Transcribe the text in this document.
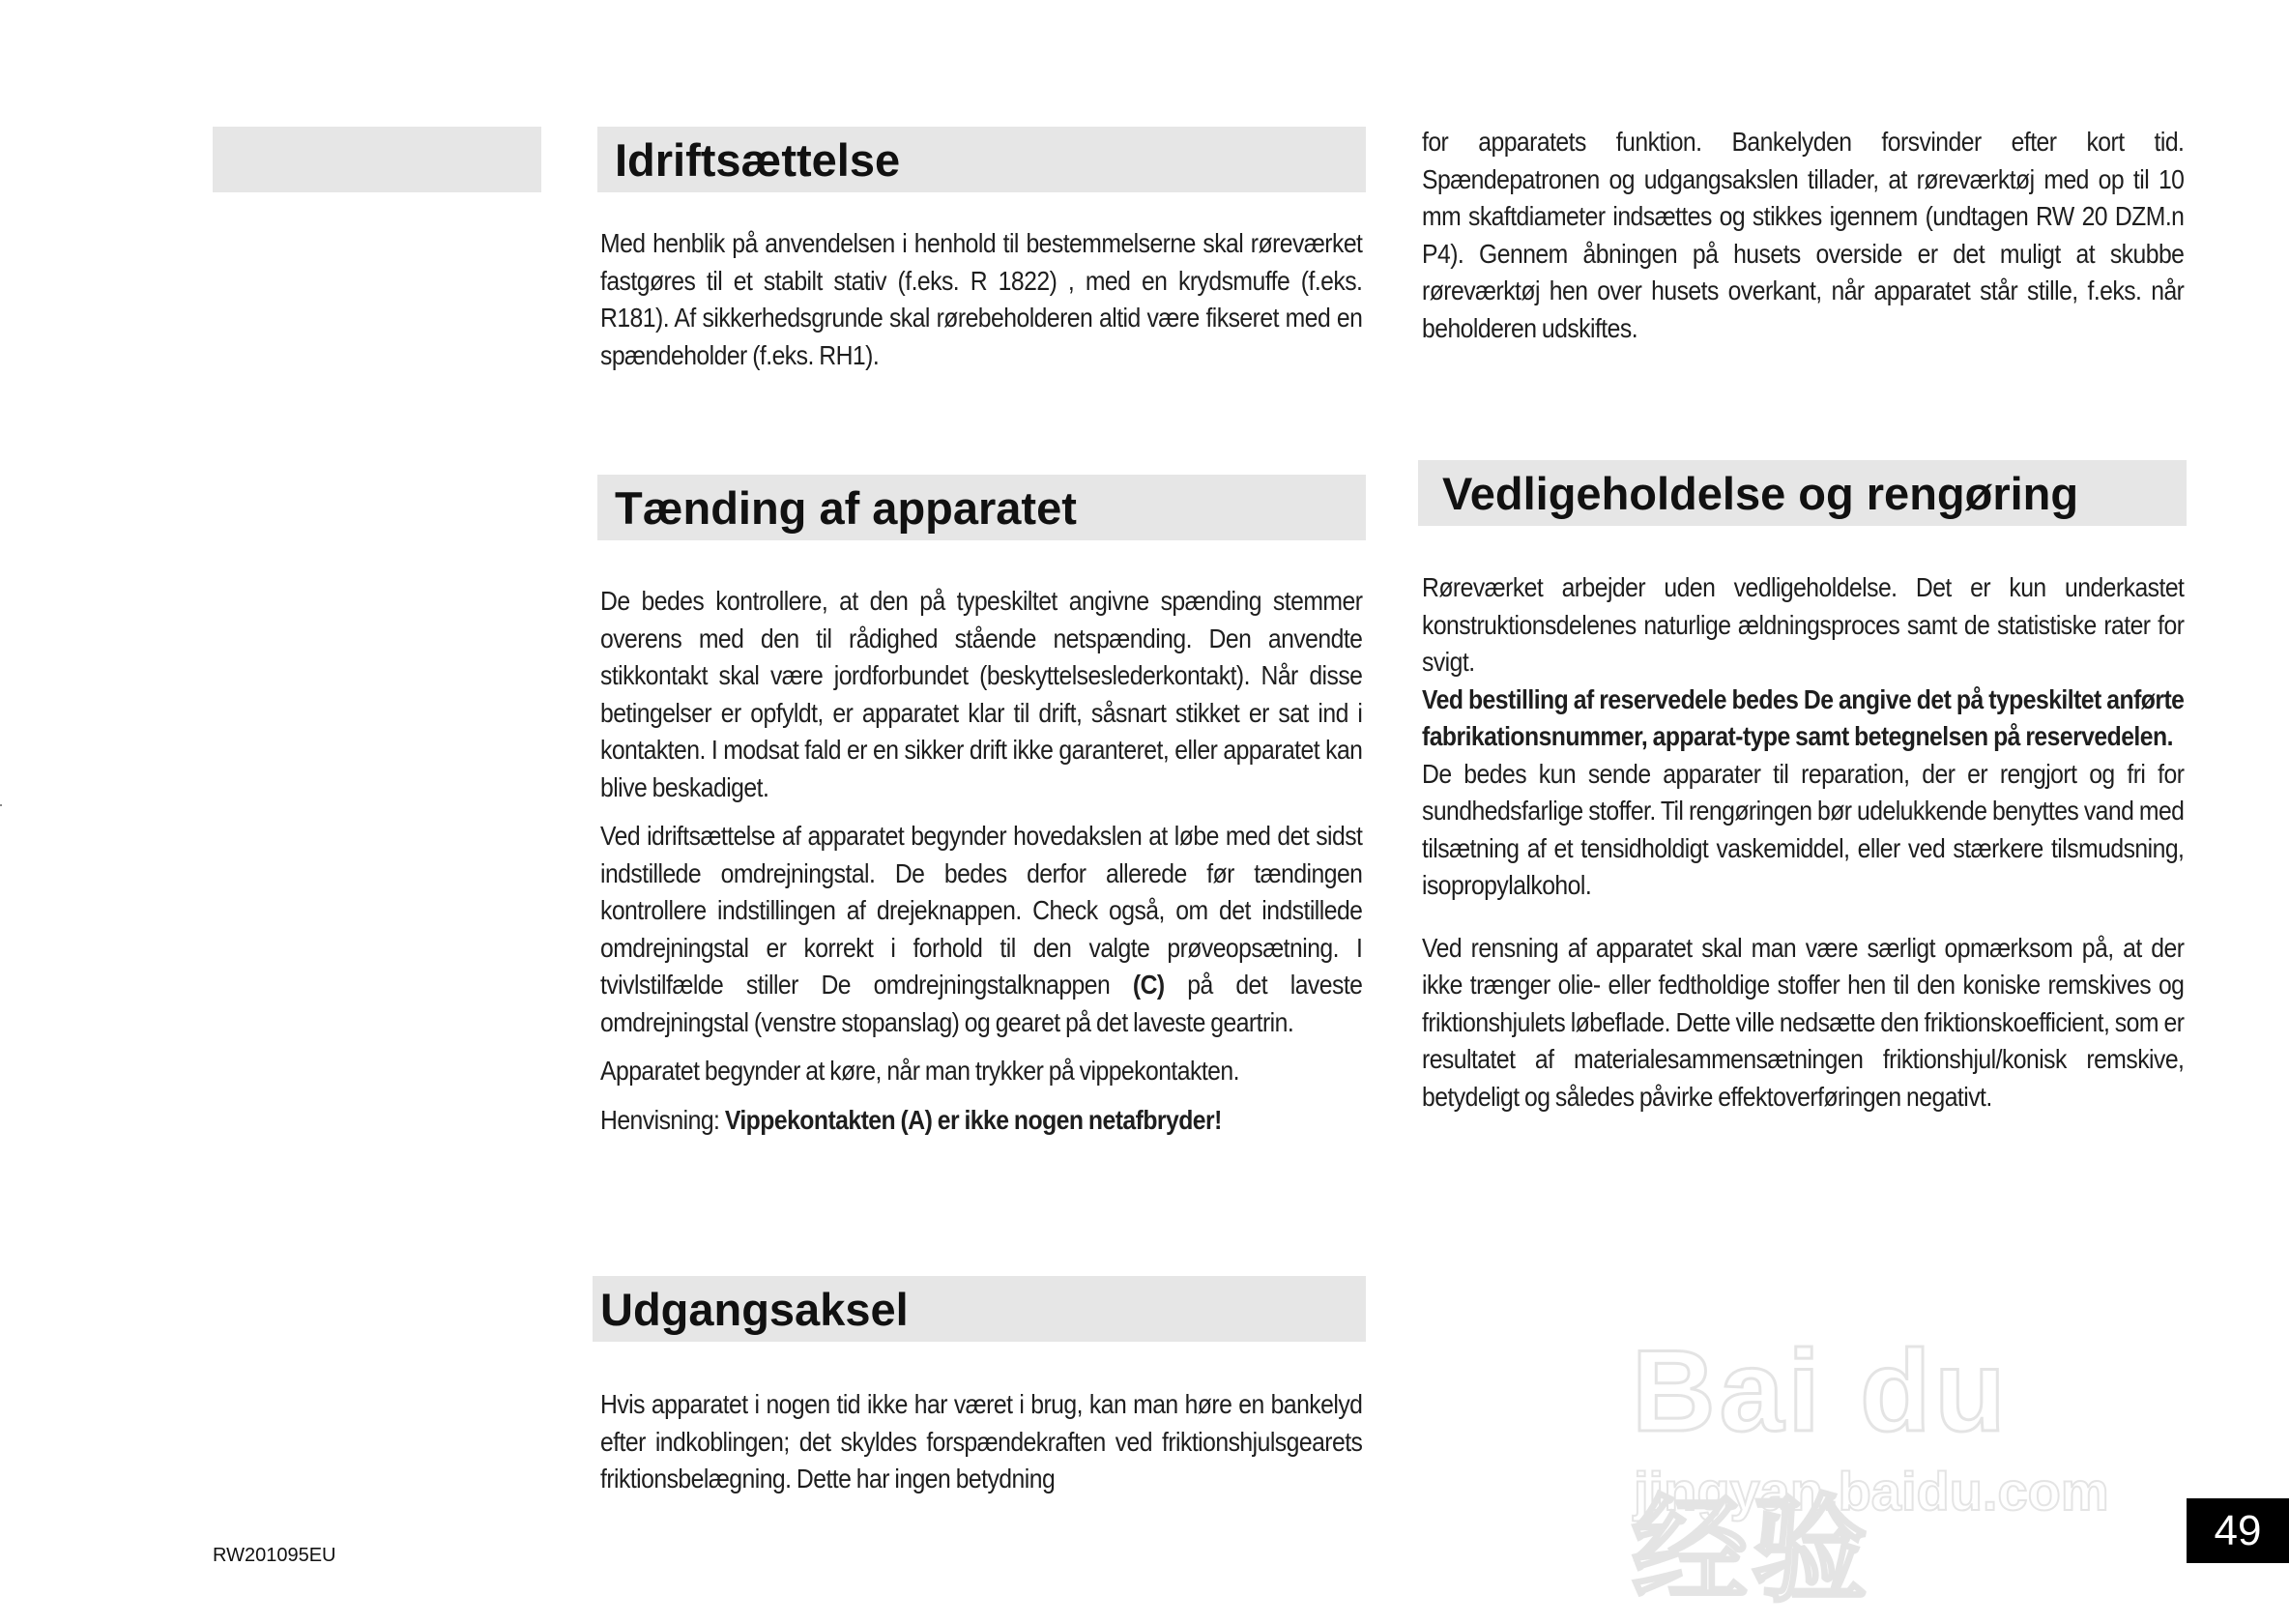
Idriftsættelse

Med henblik på anvendelsen i henhold til bestemmelserne skal røreværket fastgøres til et stabilt stativ (f.eks. R 1822) , med en krydsmuffe (f.eks. R181). Af sikkerhedsgrunde skal rørebeholderen altid være fikseret med en spændeholder (f.eks. RH1).

Tænding af apparatet

De bedes kontrollere, at den på typeskiltet angivne spænding stemmer overens med den til rådighed stående netspænding. Den anvendte stikkontakt skal være jordforbundet (beskyttelseslederkontakt). Når disse betingelser er opfyldt, er apparatet klar til drift, såsnart stikket er sat ind i kontakten. I modsat fald er en sikker drift ikke garanteret, eller apparatet kan blive beskadiget.

Ved idriftsættelse af apparatet begynder hovedakslen at løbe med det sidst indstillede omdrejningstal. De bedes derfor allerede før tændingen kontrollere indstillingen af drejeknappen. Check også, om det indstillede omdrejningstal er korrekt i forhold til den valgte prøveopsætning. I tvivlstilfælde stiller De omdrejningstalknappen (C) på det laveste omdrejningstal (venstre stopanslag) og gearet på det laveste geartrin.

Apparatet begynder at køre, når man trykker på vippekontakten.

Henvisning: Vippekontakten (A) er ikke nogen netafbryder!

Udgangsaksel

Hvis apparatet i nogen tid ikke har været i brug, kan man høre en bankelyd efter indkoblingen; det skyldes forspændekraften ved friktionshjulsgearets friktionsbelægning. Dette har ingen betydning

for apparatets funktion. Bankelyden forsvinder efter kort tid. Spændepatronen og udgangsakslen tillader, at røreværktøj med op til 10 mm skaftdiameter indsættes og stikkes igennem (undtagen RW 20 DZM.n P4). Gennem åbningen på husets overside er det muligt at skubbe røreværktøj hen over husets overkant, når apparatet står stille, f.eks. når beholderen udskiftes.

Vedligeholdelse og rengøring

Røreværket arbejder uden vedligeholdelse. Det er kun underkastet konstruktionsdelenes naturlige ældningsproces samt de statistiske rater for svigt.

Ved bestilling af reservedele bedes De angive det på typeskiltet anførte fabrikationsnummer, apparat-type samt betegnelsen på reservedelen.

De bedes kun sende apparater til reparation, der er rengjort og fri for sundhedsfarlige stoffer. Til rengøringen bør udelukkende benyttes vand med tilsætning af et tensidholdigt vaskemiddel, eller ved stærkere tilsmudsning, isopropylalkohol.

Ved rensning af apparatet skal man være særligt opmærksom på, at der ikke trænger olie- eller fedtholdige stoffer hen til den koniske remskives og friktionshjulets løbeflade. Dette ville nedsætte den friktionskoefficient, som er resultatet af materialesammensætningen friktionshjul/konisk remskive, betydeligt og således påvirke effektoverføringen negativt.

Bai du 经验
jingyan.baidu.com
RW201095EU
49
